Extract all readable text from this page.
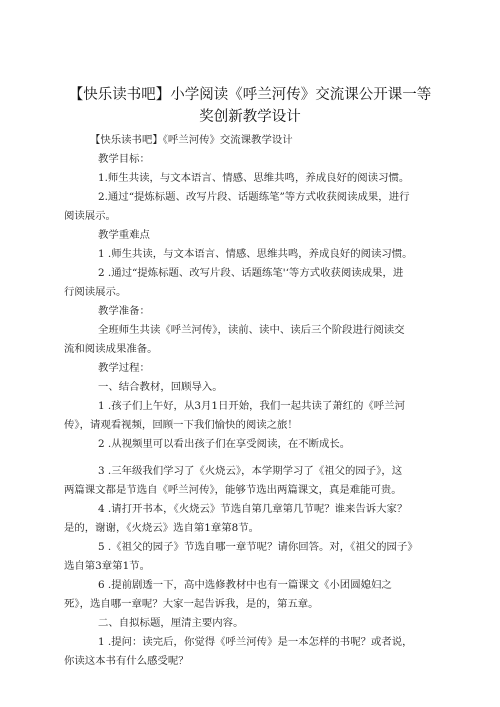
【快乐读书吧】小学阅读《呼兰河传》交流课公开课一等
奖创新教学设计
【快乐读书吧】《呼兰河传》交流课教学设计
教学目标：
1.师生共读，与文本语言、情感、思维共鸣，养成良好的阅读习惯。
2.通过“提炼标题、改写片段、话题练笔”等方式收获阅读成果，进行
阅读展示。
教学重难点
1 .师生共读，与文本语言、情感、思维共鸣，养成良好的阅读习惯。
2 .通过“提炼标题、改写片段、话题练笔'‘等方式收获阅读成果，进
行阅读展示。
教学准备：
全班师生共读《呼兰河传》，读前、读中、读后三个阶段进行阅读交
流和阅读成果准备。
教学过程：
一、结合教材，回顾导入。
1 .孩子们上午好，从3月1日开始，我们一起共读了萧红的《呼兰河
传》，请观看视频，回顾一下我们愉快的阅读之旅！
2 .从视频里可以看出孩子们在享受阅读，在不断成长。
3 .三年级我们学习了《火烧云》，本学期学习了《祖父的园子》，这
两篇课文都是节选自《呼兰河传》，能够节选出两篇课文，真是难能可贵。
4 .请打开书本，《火烧云》节选自第几章第几节呢？谁来告诉大家？
是的，谢谢，《火烧云》选自第1章第8节。
5 .《祖父的园子》节选自哪一章节呢？请你回答。对，《祖父的园子》
选自第3章第1节。
6 .提前剧透一下，高中选修教材中也有一篇课文《小团圆媳妇之
死》，选自哪一章呢？大家一起告诉我，是的，第五章。
二、自拟标题，厘清主要内容。
1 .提问：读完后，你觉得《呼兰河传》是一本怎样的书呢？或者说，
你读这本书有什么感受呢？
